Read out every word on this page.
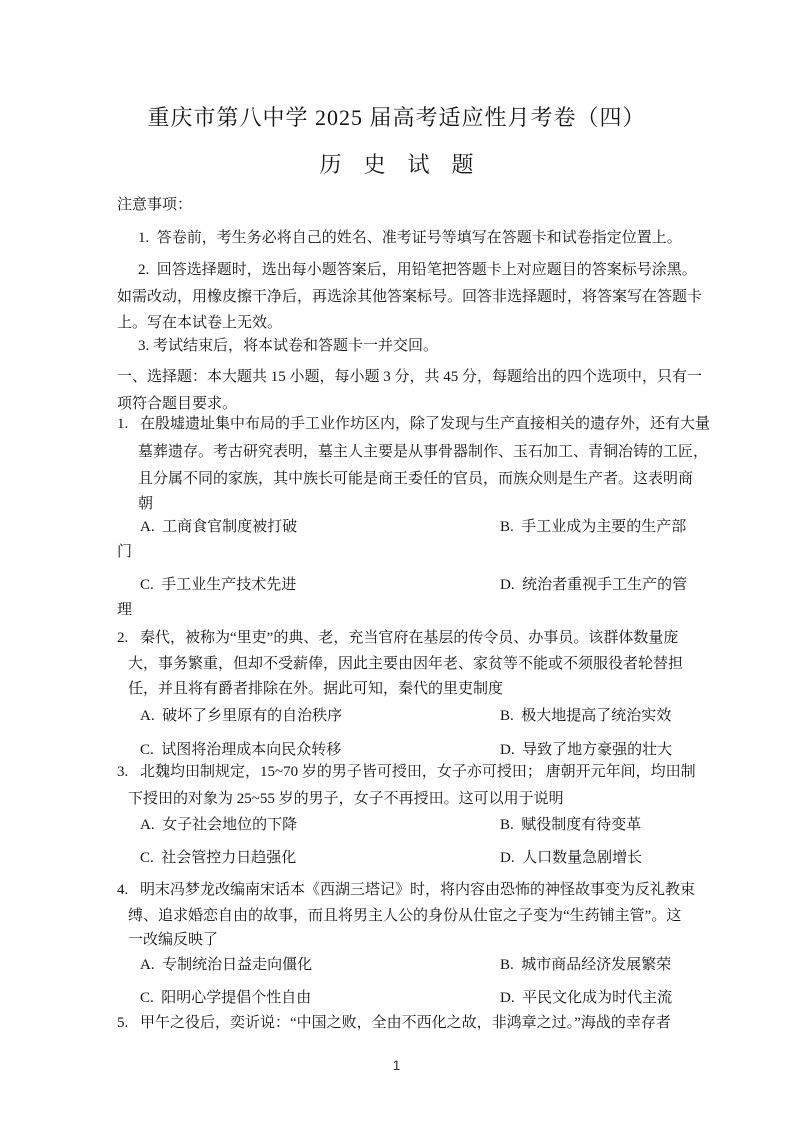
重庆市第八中学 2025 届高考适应性月考卷（四）
历　史　试　题
注意事项：
1.  答卷前，考生务必将自己的姓名、准考证号等填写在答题卡和试卷指定位置上。
2.  回答选择题时，选出每小题答案后，用铅笔把答题卡上对应题目的答案标号涂黑。
如需改动，用橡皮擦干净后，再选涂其他答案标号。回答非选择题时，将答案写在答题卡
上。写在本试卷上无效。
3. 考试结束后，将本试卷和答题卡一并交回。
一、选择题：本大题共 15 小题，每小题 3 分，共 45 分，每题给出的四个选项中，只有一
项符合题目要求。
1. 在殷墟遗址集中布局的手工业作坊区内，除了发现与生产直接相关的遗存外，还有大量
墓葬遗存。考古研究表明，墓主人主要是从事骨器制作、玉石加工、青铜冶铸的工匠，
且分属不同的家族，其中族长可能是商王委任的官员，而族众则是生产者。这表明商
朝
A.  工商食官制度被打破	B.  手工业成为主要的生产部
门
C.  手工业生产技术先进	D.  统治者重视手工生产的管
理
2. 秦代，被称为“里吏”的典、老，充当官府在基层的传令员、办事员。该群体数量庞
大，事务繁重，但却不受薪俸，因此主要由因年老、家贫等不能或不须服役者轮替担
任，并且将有爵者排除在外。据此可知，秦代的里吏制度
A.  破坏了乡里原有的自治秩序	B.  极大地提高了统治实效
C.  试图将治理成本向民众转移	D.  导致了地方豪强的壮大
3. 北魏均田制规定，15~70 岁的男子皆可授田，女子亦可授田； 唐朝开元年间，均田制
下授田的对象为 25~55 岁的男子，女子不再授田。这可以用于说明
A.  女子社会地位的下降	B.  赋役制度有待变革
C.  社会管控力日趋强化	D.  人口数量急剧增长
4. 明末冯梦龙改编南宋话本《西湖三塔记》时，将内容由恐怖的神怪故事变为反礼教束
缚、追求婚恋自由的故事，而且将男主人公的身份从仕宦之子变为“生药铺主管”。这
一改编反映了
A.  专制统治日益走向僵化	B.  城市商品经济发展繁荣
C.  阳明心学提倡个性自由	D.  平民文化成为时代主流
5. 甲午之役后，奕䜣说：“中国之败，全由不西化之故，非鸿章之过。”海战的幸存者
1
